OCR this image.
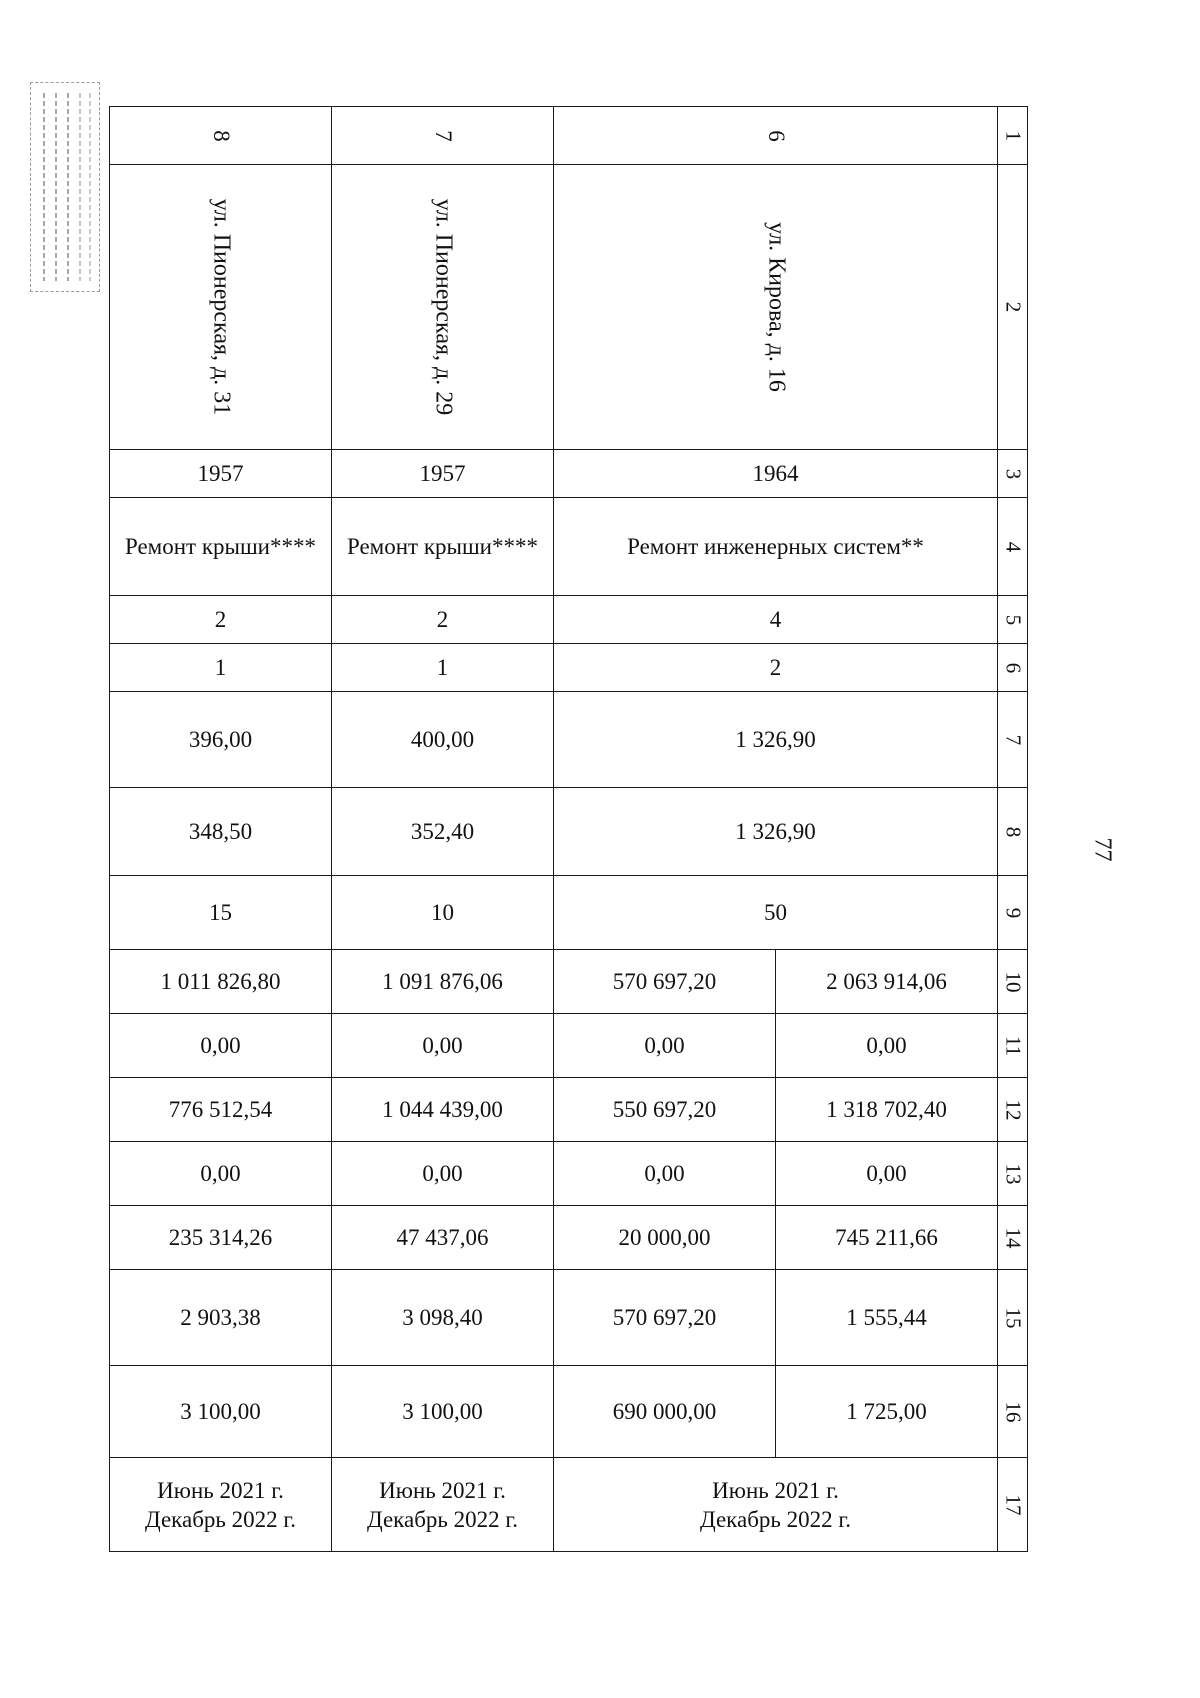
77
8	7	6		1

ул. Пионерская, д. 31	ул. Пионерская, д. 29	ул. Кирова, д. 16		2

1957	1957	1964		3

Ремонт крыши****	Ремонт крыши****	Ремонт инженерных систем**		4

2	2	4		5

1	1	2		6

396,00	400,00	1 326,90		7

348,50	352,40	1 326,90		8

15	10	50		9

1 011 826,80	1 091 876,06	570 697,20	2 063 914,06	10

0,00	0,00	0,00	0,00	11

776 512,54	1 044 439,00	550 697,20	1 318 702,40	12

0,00	0,00	0,00	0,00	13

235 314,26	47 437,06	20 000,00	745 211,66	14

2 903,38	3 098,40	570 697,20	1 555,44	15

3 100,00	3 100,00	690 000,00	1 725,00	16

Июнь 2021 г.
Декабрь 2022 г.	Июнь 2021 г.
Декабрь 2022 г.	Июнь 2021 г.
Декабрь 2022 г.		17
